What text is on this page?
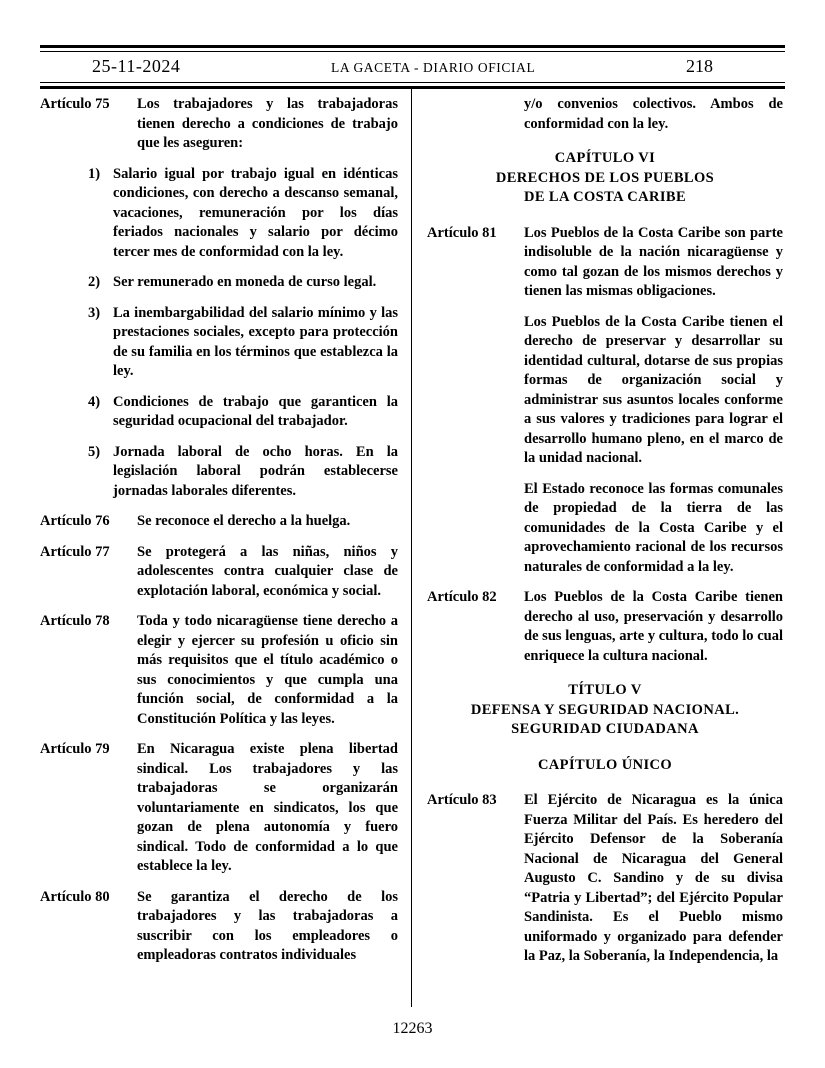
25-11-2024	LA GACETA - DIARIO OFICIAL	218
Artículo 75	Los trabajadores y las trabajadoras tienen derecho a condiciones de trabajo que les aseguren:
1) Salario igual por trabajo igual en idénticas condiciones, con derecho a descanso semanal, vacaciones, remuneración por los días feriados nacionales y salario por décimo tercer mes de conformidad con la ley.
2) Ser remunerado en moneda de curso legal.
3) La inembargabilidad del salario mínimo y las prestaciones sociales, excepto para protección de su familia en los términos que establezca la ley.
4) Condiciones de trabajo que garanticen la seguridad ocupacional del trabajador.
5) Jornada laboral de ocho horas. En la legislación laboral podrán establecerse jornadas laborales diferentes.
Artículo 76	Se reconoce el derecho a la huelga.
Artículo 77	Se protegerá a las niñas, niños y adolescentes contra cualquier clase de explotación laboral, económica y social.
Artículo 78	Toda y todo nicaragüense tiene derecho a elegir y ejercer su profesión u oficio sin más requisitos que el título académico o sus conocimientos y que cumpla una función social, de conformidad a la Constitución Política y las leyes.
Artículo 79	En Nicaragua existe plena libertad sindical. Los trabajadores y las trabajadoras se organizarán voluntariamente en sindicatos, los que gozan de plena autonomía y fuero sindical. Todo de conformidad a lo que establece la ley.
Artículo 80	Se garantiza el derecho de los trabajadores y las trabajadoras a suscribir con los empleadores o empleadoras contratos individuales
y/o convenios colectivos. Ambos de conformidad con la ley.
CAPÍTULO VI
DERECHOS DE LOS PUEBLOS
DE LA COSTA CARIBE
Artículo 81	Los Pueblos de la Costa Caribe son parte indisoluble de la nación nicaragüense y como tal gozan de los mismos derechos y tienen las mismas obligaciones.
Los Pueblos de la Costa Caribe tienen el derecho de preservar y desarrollar su identidad cultural, dotarse de sus propias formas de organización social y administrar sus asuntos locales conforme a sus valores y tradiciones para lograr el desarrollo humano pleno, en el marco de la unidad nacional.
El Estado reconoce las formas comunales de propiedad de la tierra de las comunidades de la Costa Caribe y el aprovechamiento racional de los recursos naturales de conformidad a la ley.
Artículo 82	Los Pueblos de la Costa Caribe tienen derecho al uso, preservación y desarrollo de sus lenguas, arte y cultura, todo lo cual enriquece la cultura nacional.
TÍTULO V
DEFENSA Y SEGURIDAD NACIONAL.
SEGURIDAD CIUDADANA
CAPÍTULO ÚNICO
Artículo 83	El Ejército de Nicaragua es la única Fuerza Militar del País. Es heredero del Ejército Defensor de la Soberanía Nacional de Nicaragua del General Augusto C. Sandino y de su divisa “Patria y Libertad”; del Ejército Popular Sandinista. Es el Pueblo mismo uniformado y organizado para defender la Paz, la Soberanía, la Independencia, la
12263
